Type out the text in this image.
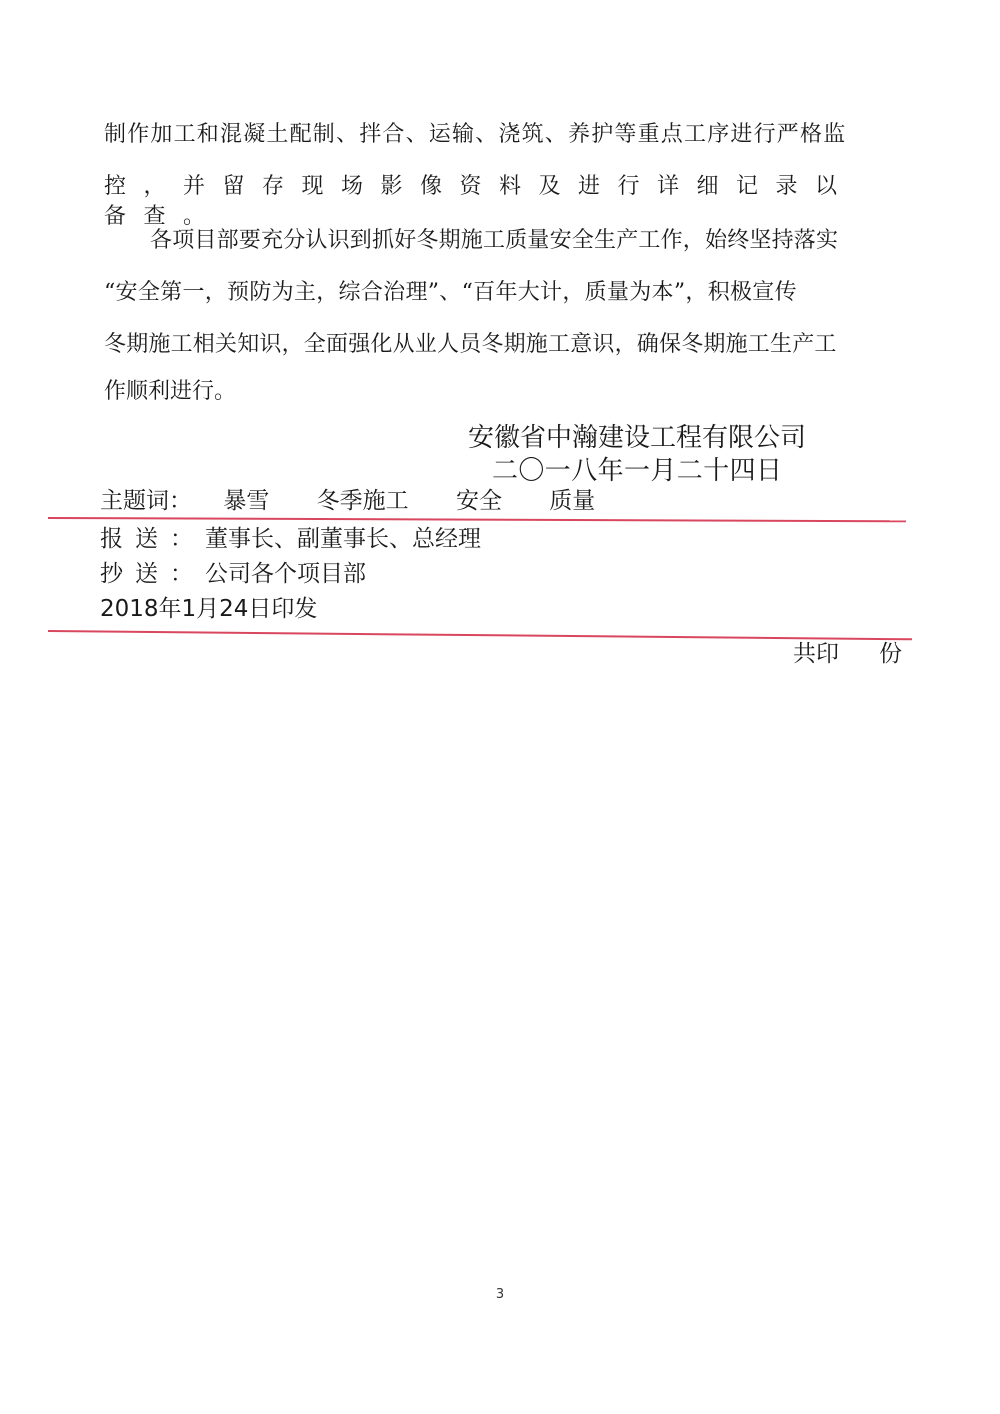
制作加工和混凝土配制、拌合、运输、浇筑、养护等重点工序进行严格监

控，并留存现场影像资料及进行详细记录以备查。

各项目部要充分认识到抓好冬期施工质量安全生产工作，始终坚持落实

“安全第一，预防为主，综合治理”、“百年大计，质量为本”，积极宣传

冬期施工相关知识，全面强化从业人员冬期施工意识，确保冬期施工生产工

作顺利进行。

安徽省中瀚建设工程有限公司
二〇一八年一月二十四日
主题词： 暴雪 冬季施工 安全 质量
报送：董事长、副董事长、总经理
抄送：公司各个项目部
2018年1月24日印发
共印 份
3
